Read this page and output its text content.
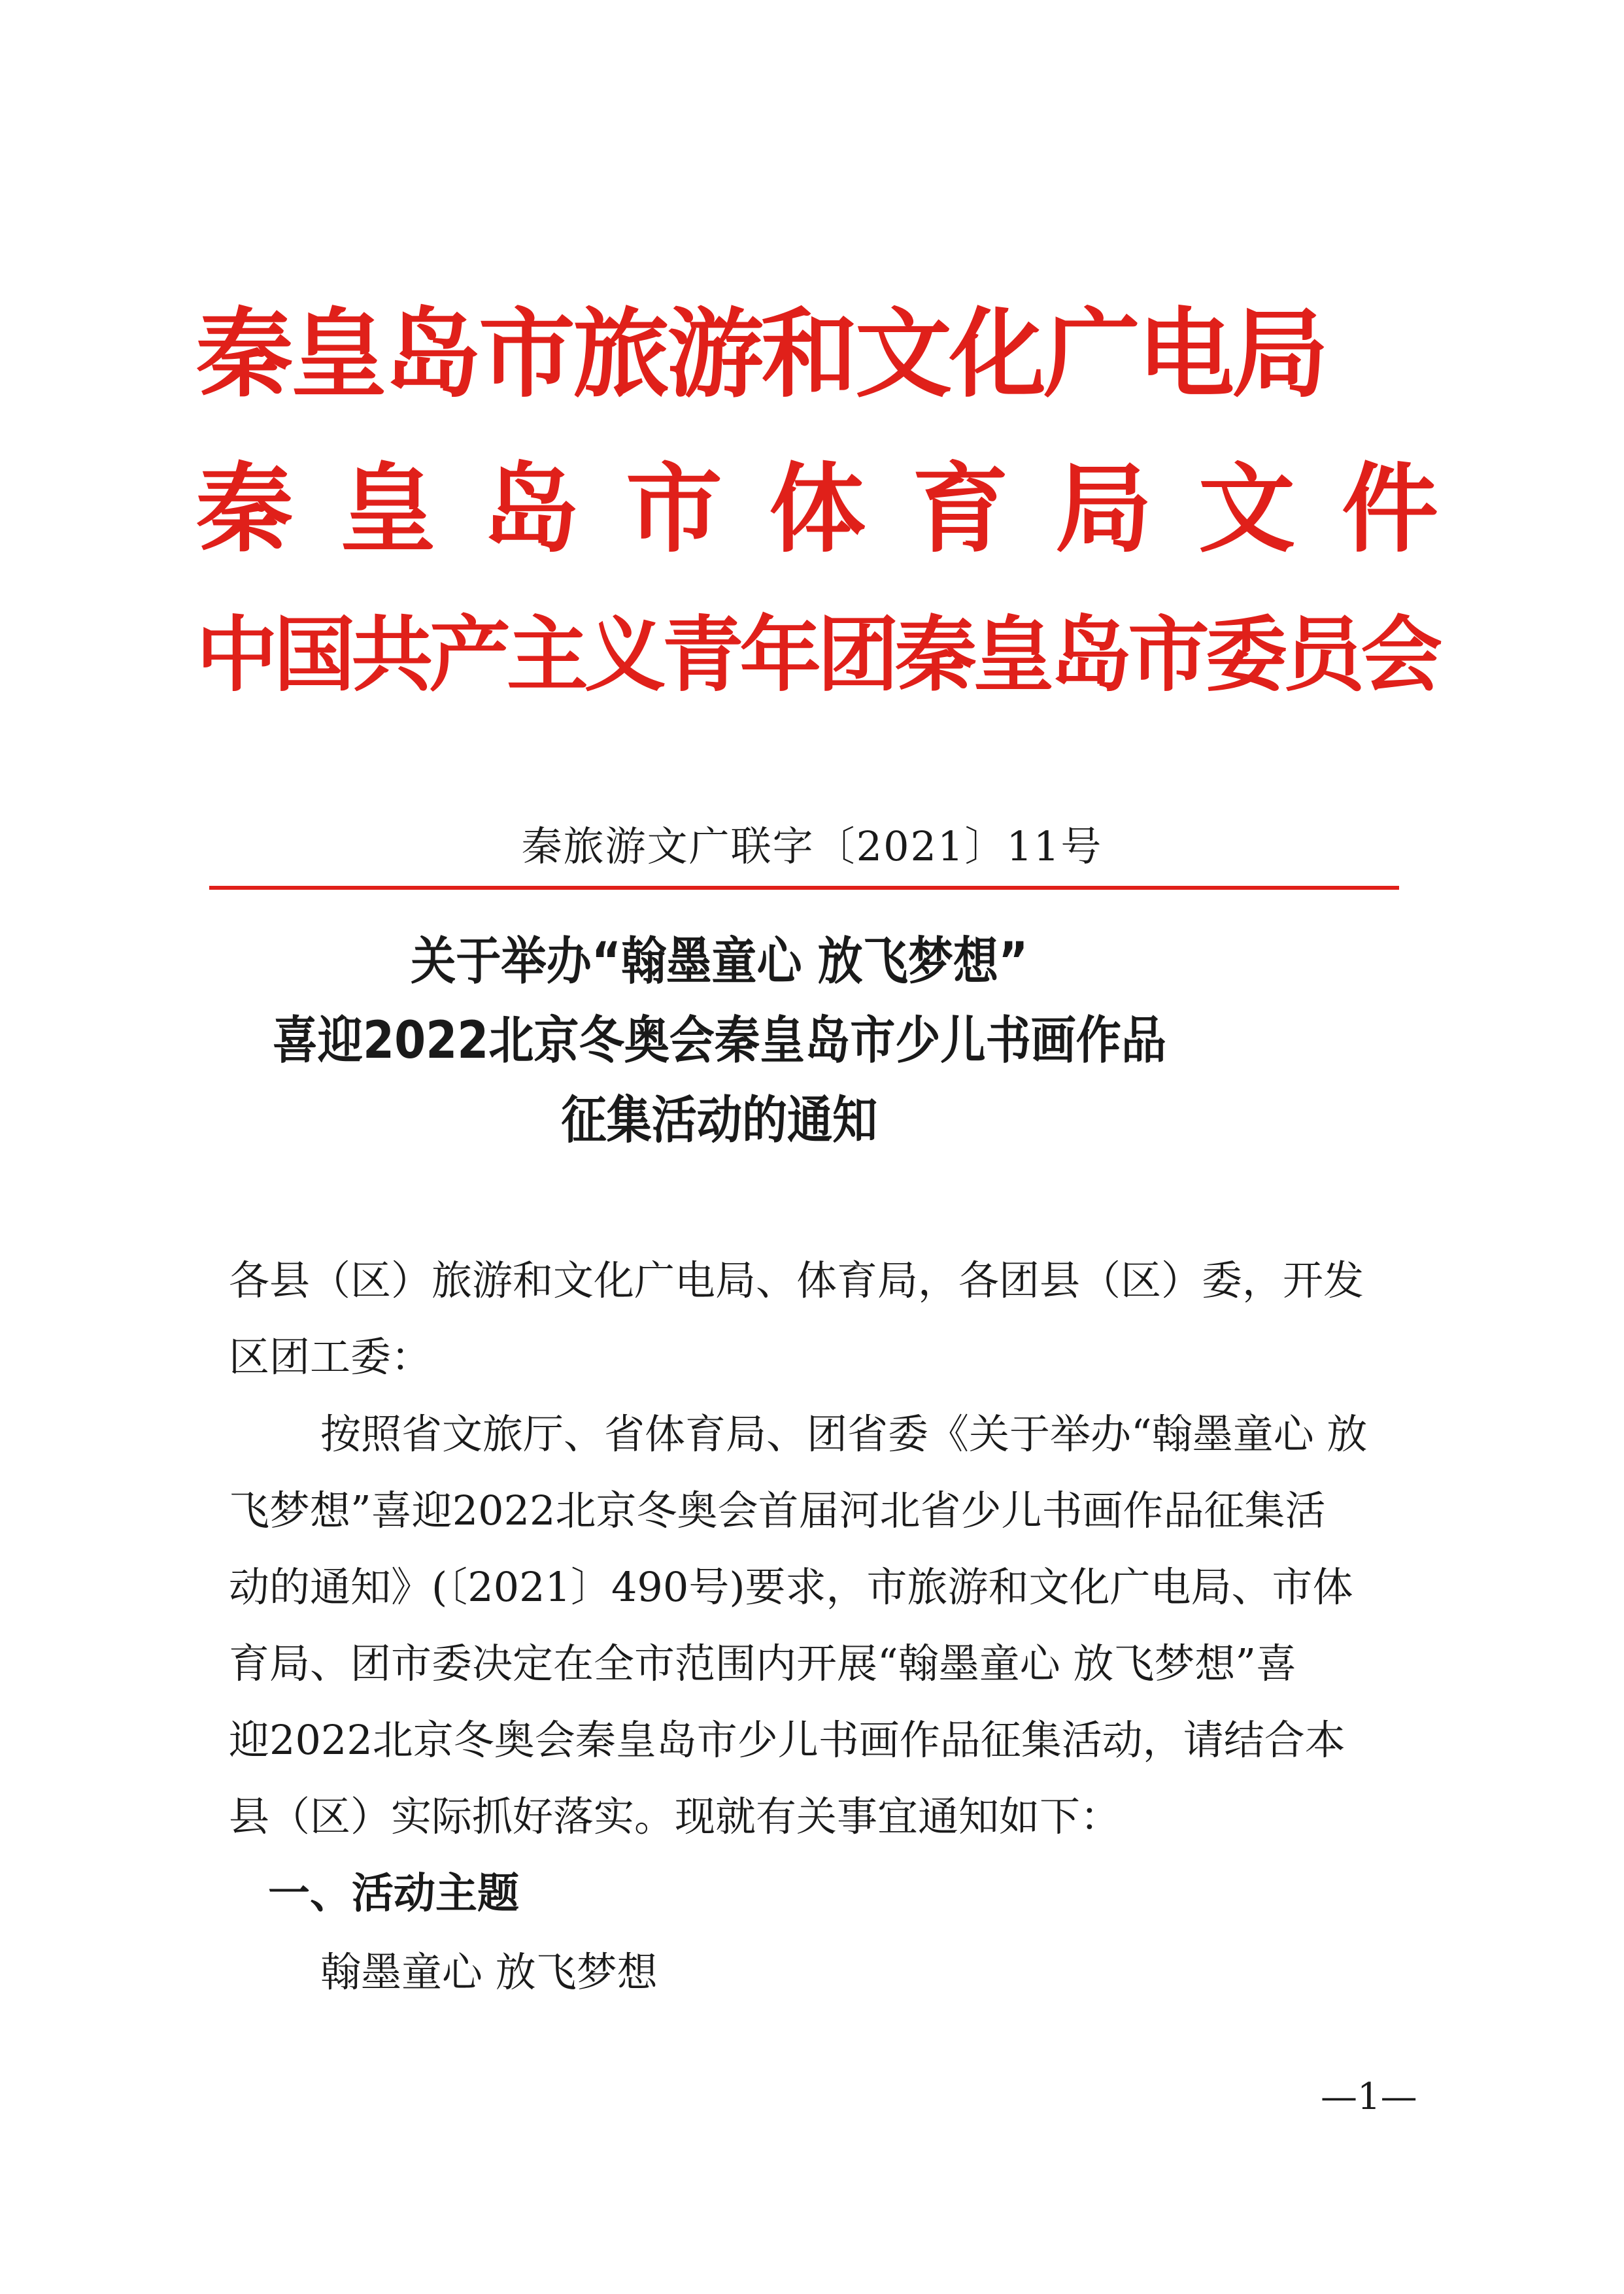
秦皇岛市旅游和文化广电局
秦 皇 岛 市 体 育 局 文 件
中国共产主义青年团秦皇岛市委员会
秦旅游文广联字〔2021〕11号
关于举办“翰墨童心 放飞梦想”
喜迎2022北京冬奥会秦皇岛市少儿书画作品
征集活动的通知
各县（区）旅游和文化广电局、体育局，各团县（区）委，开发
区团工委：
按照省文旅厅、省体育局、团省委《关于举办“翰墨童心 放
飞梦想”喜迎2022北京冬奥会首届河北省少儿书画作品征集活
动的通知》(〔2021〕490号)要求，市旅游和文化广电局、市体
育局、团市委决定在全市范围内开展“翰墨童心 放飞梦想”喜
迎2022北京冬奥会秦皇岛市少儿书画作品征集活动，请结合本
县（区）实际抓好落实。现就有关事宜通知如下：
一、活动主题
翰墨童心 放飞梦想
—1—
